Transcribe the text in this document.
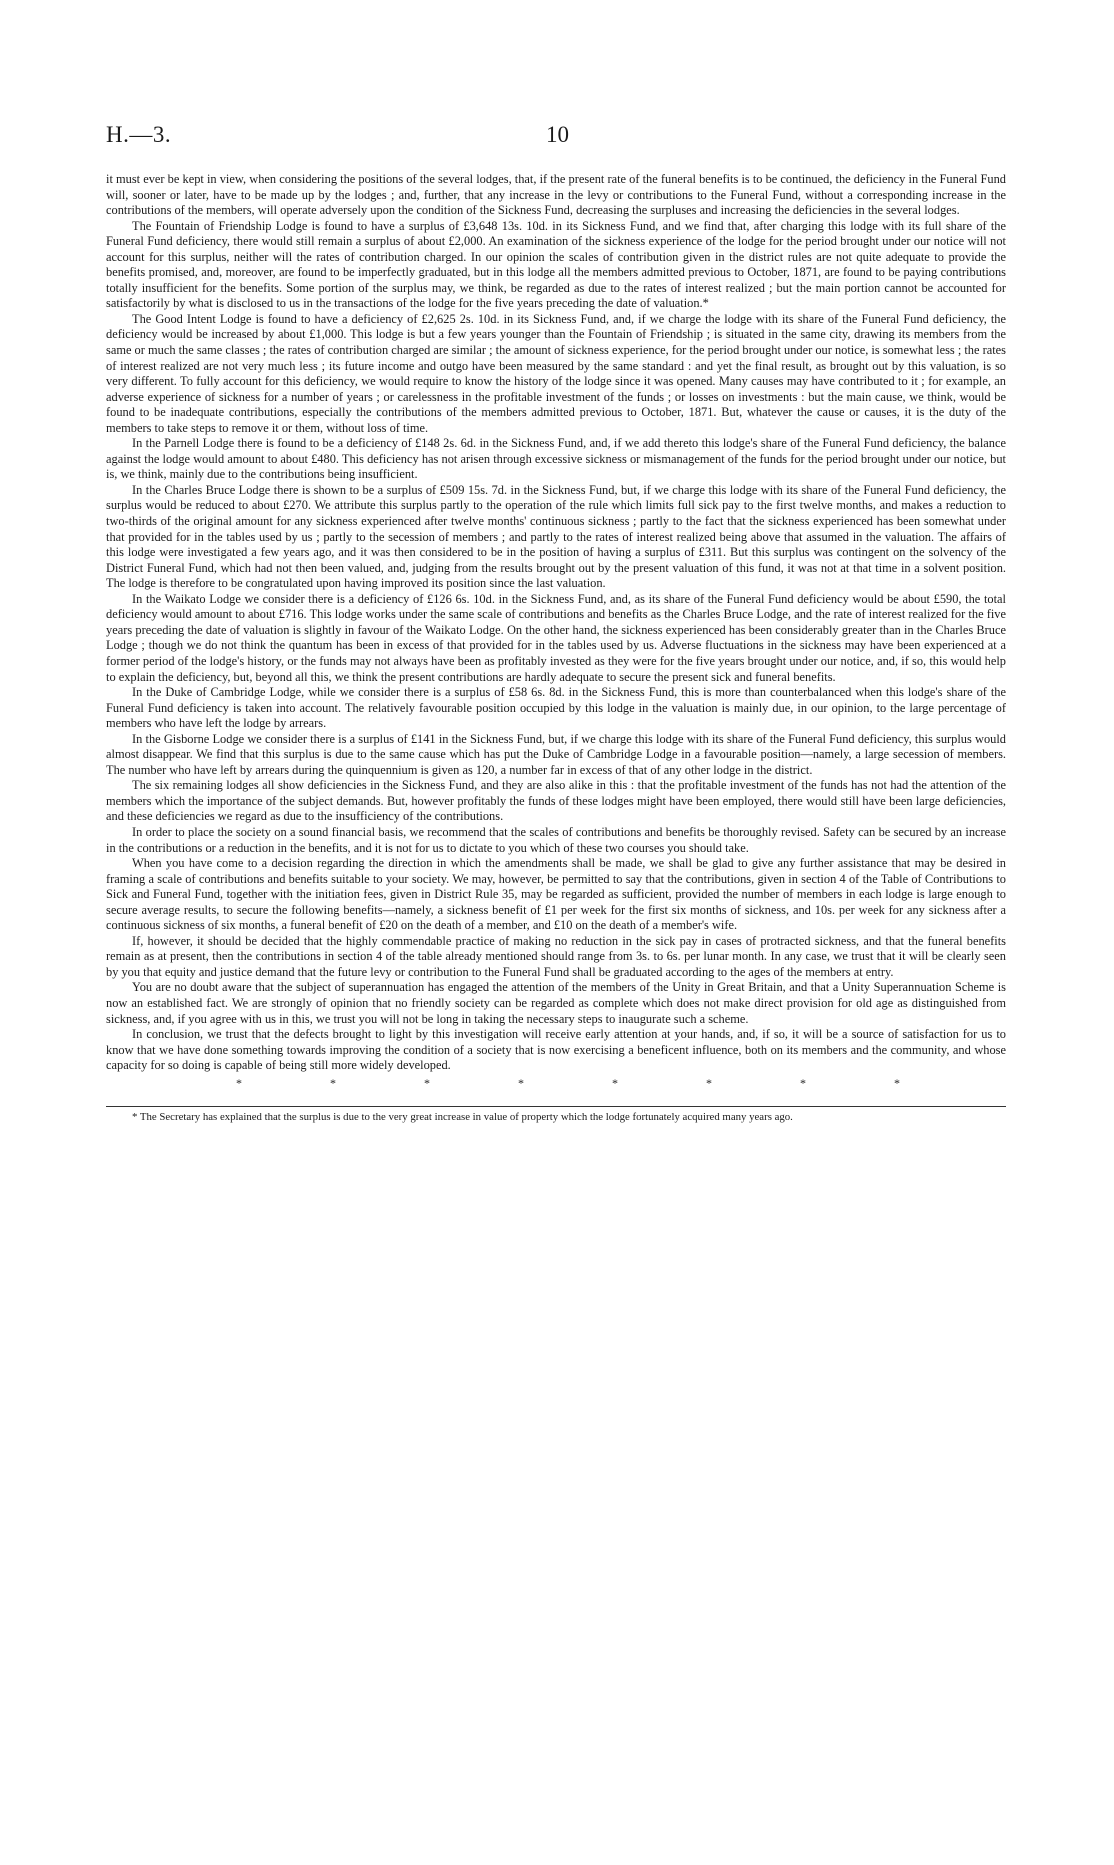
H.—3.	10

it must ever be kept in view, when considering the positions of the several lodges, that, if the present rate of the funeral benefits is to be continued, the deficiency in the Funeral Fund will, sooner or later, have to be made up by the lodges ; and, further, that any increase in the levy or contributions to the Funeral Fund, without a corresponding increase in the contributions of the members, will operate adversely upon the condition of the Sickness Fund, decreasing the surpluses and increasing the deficiencies in the several lodges.

The Fountain of Friendship Lodge is found to have a surplus of £3,648 13s. 10d. in its Sickness Fund, and we find that, after charging this lodge with its full share of the Funeral Fund deficiency, there would still remain a surplus of about £2,000. An examination of the sickness experience of the lodge for the period brought under our notice will not account for this surplus, neither will the rates of contribution charged. In our opinion the scales of contribution given in the district rules are not quite adequate to provide the benefits promised, and, moreover, are found to be imperfectly graduated, but in this lodge all the members admitted previous to October, 1871, are found to be paying contributions totally insufficient for the benefits. Some portion of the surplus may, we think, be regarded as due to the rates of interest realized ; but the main portion cannot be accounted for satisfactorily by what is disclosed to us in the transactions of the lodge for the five years preceding the date of valuation.*

The Good Intent Lodge is found to have a deficiency of £2,625 2s. 10d. in its Sickness Fund, and, if we charge the lodge with its share of the Funeral Fund deficiency, the deficiency would be increased by about £1,000. This lodge is but a few years younger than the Fountain of Friendship ; is situated in the same city, drawing its members from the same or much the same classes ; the rates of contribution charged are similar ; the amount of sickness experience, for the period brought under our notice, is somewhat less ; the rates of interest realized are not very much less ; its future income and outgo have been measured by the same standard : and yet the final result, as brought out by this valuation, is so very different. To fully account for this deficiency, we would require to know the history of the lodge since it was opened. Many causes may have contributed to it ; for example, an adverse experience of sickness for a number of years ; or carelessness in the profitable investment of the funds ; or losses on investments : but the main cause, we think, would be found to be inadequate contributions, especially the contributions of the members admitted previous to October, 1871. But, whatever the cause or causes, it is the duty of the members to take steps to remove it or them, without loss of time.

In the Parnell Lodge there is found to be a deficiency of £148 2s. 6d. in the Sickness Fund, and, if we add thereto this lodge's share of the Funeral Fund deficiency, the balance against the lodge would amount to about £480. This deficiency has not arisen through excessive sickness or mismanagement of the funds for the period brought under our notice, but is, we think, mainly due to the contributions being insufficient.

In the Charles Bruce Lodge there is shown to be a surplus of £509 15s. 7d. in the Sickness Fund, but, if we charge this lodge with its share of the Funeral Fund deficiency, the surplus would be reduced to about £270. We attribute this surplus partly to the operation of the rule which limits full sick pay to the first twelve months, and makes a reduction to two-thirds of the original amount for any sickness experienced after twelve months' continuous sickness ; partly to the fact that the sickness experienced has been somewhat under that provided for in the tables used by us ; partly to the secession of members ; and partly to the rates of interest realized being above that assumed in the valuation. The affairs of this lodge were investigated a few years ago, and it was then considered to be in the position of having a surplus of £311. But this surplus was contingent on the solvency of the District Funeral Fund, which had not then been valued, and, judging from the results brought out by the present valuation of this fund, it was not at that time in a solvent position. The lodge is therefore to be congratulated upon having improved its position since the last valuation.

In the Waikato Lodge we consider there is a deficiency of £126 6s. 10d. in the Sickness Fund, and, as its share of the Funeral Fund deficiency would be about £590, the total deficiency would amount to about £716. This lodge works under the same scale of contributions and benefits as the Charles Bruce Lodge, and the rate of interest realized for the five years preceding the date of valuation is slightly in favour of the Waikato Lodge. On the other hand, the sickness experienced has been considerably greater than in the Charles Bruce Lodge ; though we do not think the quantum has been in excess of that provided for in the tables used by us. Adverse fluctuations in the sickness may have been experienced at a former period of the lodge's history, or the funds may not always have been as profitably invested as they were for the five years brought under our notice, and, if so, this would help to explain the deficiency, but, beyond all this, we think the present contributions are hardly adequate to secure the present sick and funeral benefits.

In the Duke of Cambridge Lodge, while we consider there is a surplus of £58 6s. 8d. in the Sickness Fund, this is more than counterbalanced when this lodge's share of the Funeral Fund deficiency is taken into account. The relatively favourable position occupied by this lodge in the valuation is mainly due, in our opinion, to the large percentage of members who have left the lodge by arrears.

In the Gisborne Lodge we consider there is a surplus of £141 in the Sickness Fund, but, if we charge this lodge with its share of the Funeral Fund deficiency, this surplus would almost disappear. We find that this surplus is due to the same cause which has put the Duke of Cambridge Lodge in a favourable position—namely, a large secession of members. The number who have left by arrears during the quinquennium is given as 120, a number far in excess of that of any other lodge in the district.

The six remaining lodges all show deficiencies in the Sickness Fund, and they are also alike in this : that the profitable investment of the funds has not had the attention of the members which the importance of the subject demands. But, however profitably the funds of these lodges might have been employed, there would still have been large deficiencies, and these deficiencies we regard as due to the insufficiency of the contributions.

In order to place the society on a sound financial basis, we recommend that the scales of contributions and benefits be thoroughly revised. Safety can be secured by an increase in the contributions or a reduction in the benefits, and it is not for us to dictate to you which of these two courses you should take.

When you have come to a decision regarding the direction in which the amendments shall be made, we shall be glad to give any further assistance that may be desired in framing a scale of contributions and benefits suitable to your society. We may, however, be permitted to say that the contributions, given in section 4 of the Table of Contributions to Sick and Funeral Fund, together with the initiation fees, given in District Rule 35, may be regarded as sufficient, provided the number of members in each lodge is large enough to secure average results, to secure the following benefits—namely, a sickness benefit of £1 per week for the first six months of sickness, and 10s. per week for any sickness after a continuous sickness of six months, a funeral benefit of £20 on the death of a member, and £10 on the death of a member's wife.

If, however, it should be decided that the highly commendable practice of making no reduction in the sick pay in cases of protracted sickness, and that the funeral benefits remain as at present, then the contributions in section 4 of the table already mentioned should range from 3s. to 6s. per lunar month. In any case, we trust that it will be clearly seen by you that equity and justice demand that the future levy or contribution to the Funeral Fund shall be graduated according to the ages of the members at entry.

You are no doubt aware that the subject of superannuation has engaged the attention of the members of the Unity in Great Britain, and that a Unity Superannuation Scheme is now an established fact. We are strongly of opinion that no friendly society can be regarded as complete which does not make direct provision for old age as distinguished from sickness, and, if you agree with us in this, we trust you will not be long in taking the necessary steps to inaugurate such a scheme.

In conclusion, we trust that the defects brought to light by this investigation will receive early attention at your hands, and, if so, it will be a source of satisfaction for us to know that we have done something towards improving the condition of a society that is now exercising a beneficent influence, both on its members and the community, and whose capacity for so doing is capable of being still more widely developed.

*	*	*	*	*	*	*	*

* The Secretary has explained that the surplus is due to the very great increase in value of property which the lodge fortunately acquired many years ago.
